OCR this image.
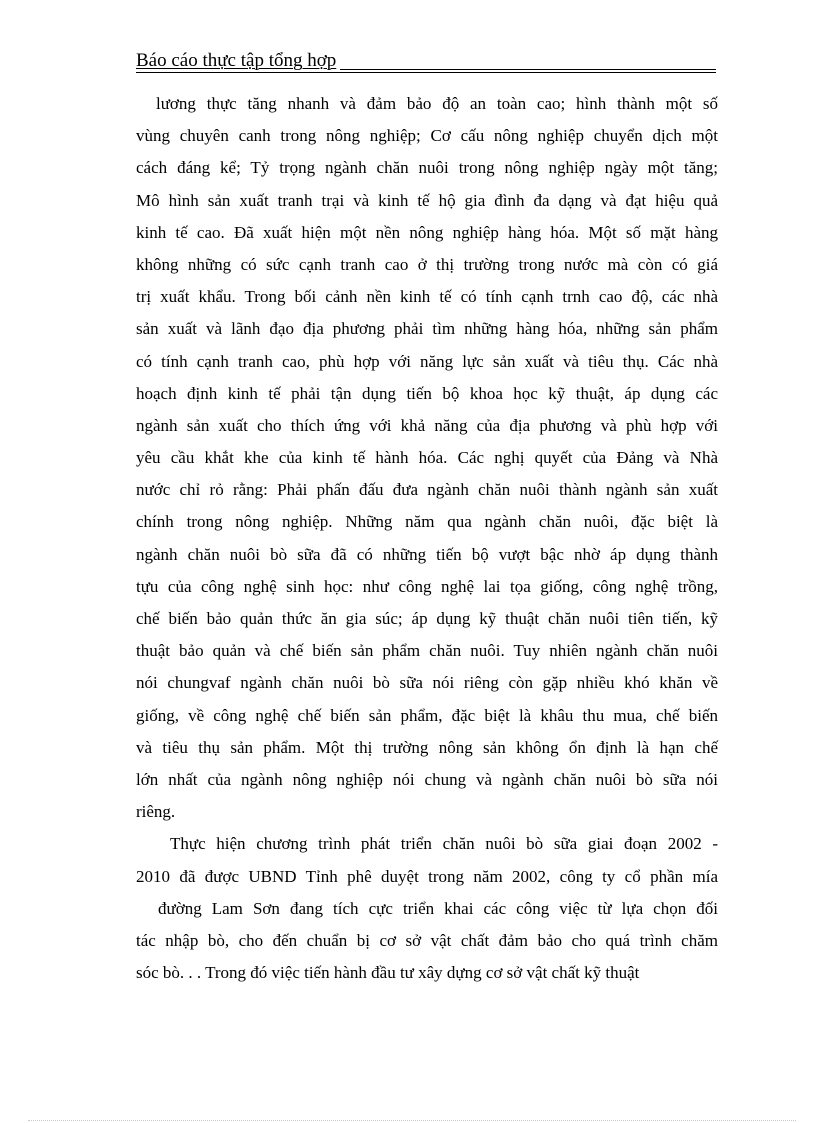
Báo cáo thực tập tổng hợp
lương thực tăng nhanh và đảm bảo độ an toàn cao; hình thành một số
vùng chuyên canh trong nông nghiệp; Cơ cấu nông nghiệp chuyển dịch một
cách đáng kể; Tỷ trọng ngành chăn nuôi trong nông nghiệp ngày một tăng;
Mô hình sản xuất tranh trại và kinh tế hộ gia đình đa dạng và đạt hiệu quả
kinh tế cao. Đã xuất hiện một nền nông nghiệp hàng hóa. Một số mặt hàng
không những có sức cạnh tranh cao ở thị trường trong nước mà còn có giá
trị xuất khẩu. Trong bối cảnh nền kinh tế có tính cạnh trnh cao độ, các nhà
sản xuất và lãnh đạo địa phương phải tìm những hàng hóa, những sản phẩm
có tính cạnh tranh cao, phù hợp với năng lực sản xuất và tiêu thụ. Các nhà
hoạch định kinh tế phải tận dụng tiến bộ khoa học kỹ thuật, áp dụng các
ngành sản xuất cho thích ứng với khả năng của địa phương và phù hợp với
yêu cầu khắt khe của kinh tế hành hóa. Các nghị quyết của Đảng và Nhà
nước chỉ rỏ rằng: Phải phấn đấu đưa ngành chăn nuôi thành ngành sản xuất
chính trong nông nghiệp. Những năm qua ngành chăn nuôi, đặc biệt là
ngành chăn nuôi bò sữa đã có những tiến bộ vượt bậc nhờ áp dụng thành
tựu của công nghệ sinh học: như công nghệ lai tọa giống, công nghệ trồng,
chế biến bảo quản thức ăn gia súc; áp dụng kỹ thuật chăn nuôi tiên tiến, kỹ
thuật bảo quản và chế biến sản phẩm chăn nuôi. Tuy nhiên ngành chăn nuôi
nói chungvaf ngành chăn nuôi bò sữa nói riêng còn gặp nhiều khó khăn về
giống, về công nghệ chế biến sản phẩm, đặc biệt là khâu thu mua, chế biến
và tiêu thụ sản phẩm. Một thị trường nông sản không ổn định là hạn chế
lớn nhất của ngành nông nghiệp nói chung và ngành chăn nuôi bò sữa nói
riêng.
Thực hiện chương trình phát triển chăn nuôi bò sữa giai đoạn 2002 -
2010 đã được UBND Tỉnh phê duyệt trong năm 2002, công ty cổ phần mía
đường Lam Sơn đang tích cực triển khai các công việc từ lựa chọn đối
tác nhập bò, cho đến chuẩn bị cơ sở vật chất đảm bảo cho quá trình chăm
sóc bò. . . Trong đó việc tiến hành đầu tư xây dựng cơ sở vật chất kỹ thuật
